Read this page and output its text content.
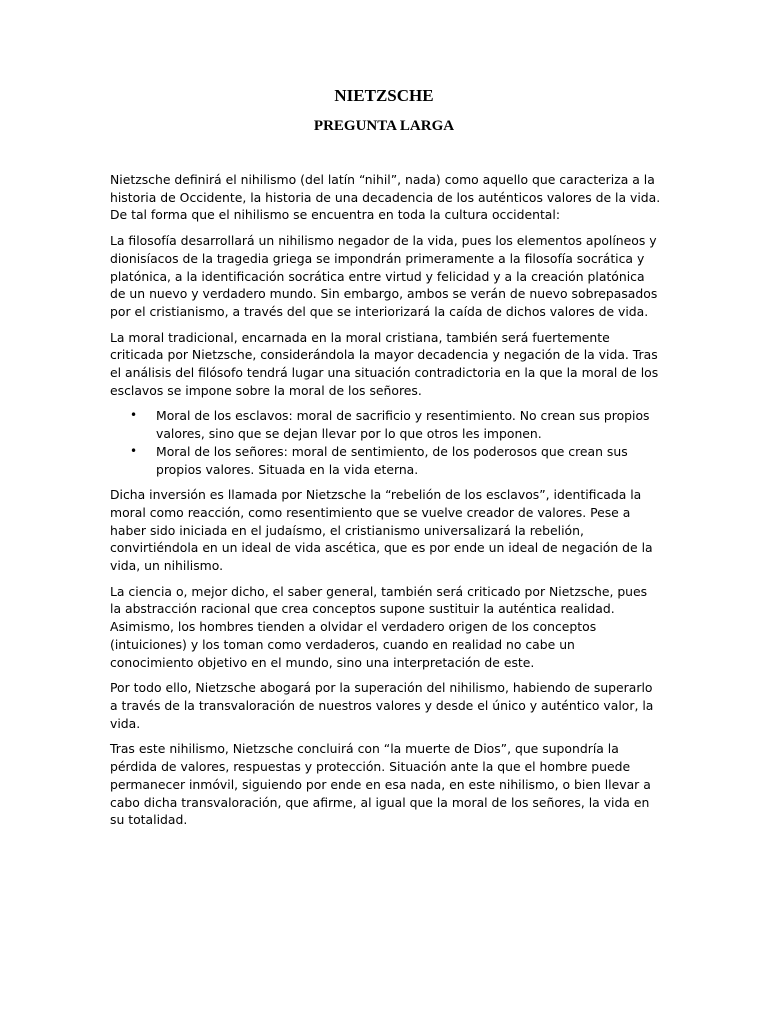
NIETZSCHE
PREGUNTA LARGA

Nietzsche definirá el nihilismo (del latín “nihil”, nada) como aquello que caracteriza a la historia de Occidente, la historia de una decadencia de los auténticos valores de la vida. De tal forma que el nihilismo se encuentra en toda la cultura occidental:

La filosofía desarrollará un nihilismo negador de la vida, pues los elementos apolíneos y dionisíacos de la tragedia griega se impondrán primeramente a la filosofía socrática y platónica, a la identificación socrática entre virtud y felicidad y a la creación platónica de un nuevo y verdadero mundo. Sin embargo, ambos se verán de nuevo sobrepasados por el cristianismo, a través del que se interiorizará la caída de dichos valores de vida.

La moral tradicional, encarnada en la moral cristiana, también será fuertemente criticada por Nietzsche, considerándola la mayor decadencia y negación de la vida. Tras el análisis del filósofo tendrá lugar una situación contradictoria en la que la moral de los esclavos se impone sobre la moral de los señores.

• Moral de los esclavos: moral de sacrificio y resentimiento. No crean sus propios valores, sino que se dejan llevar por lo que otros les imponen.
• Moral de los señores: moral de sentimiento, de los poderosos que crean sus propios valores. Situada en la vida eterna.

Dicha inversión es llamada por Nietzsche la “rebelión de los esclavos”, identificada la moral como reacción, como resentimiento que se vuelve creador de valores. Pese a haber sido iniciada en el judaísmo, el cristianismo universalizará la rebelión, convirtiéndola en un ideal de vida ascética, que es por ende un ideal de negación de la vida, un nihilismo.

La ciencia o, mejor dicho, el saber general, también será criticado por Nietzsche, pues la abstracción racional que crea conceptos supone sustituir la auténtica realidad. Asimismo, los hombres tienden a olvidar el verdadero origen de los conceptos (intuiciones) y los toman como verdaderos, cuando en realidad no cabe un conocimiento objetivo en el mundo, sino una interpretación de este.

Por todo ello, Nietzsche abogará por la superación del nihilismo, habiendo de superarlo a través de la transvaloración de nuestros valores y desde el único y auténtico valor, la vida.

Tras este nihilismo, Nietzsche concluirá con “la muerte de Dios”, que supondría la pérdida de valores, respuestas y protección. Situación ante la que el hombre puede permanecer inmóvil, siguiendo por ende en esa nada, en este nihilismo, o bien llevar a cabo dicha transvaloración, que afirme, al igual que la moral de los señores, la vida en su totalidad.
